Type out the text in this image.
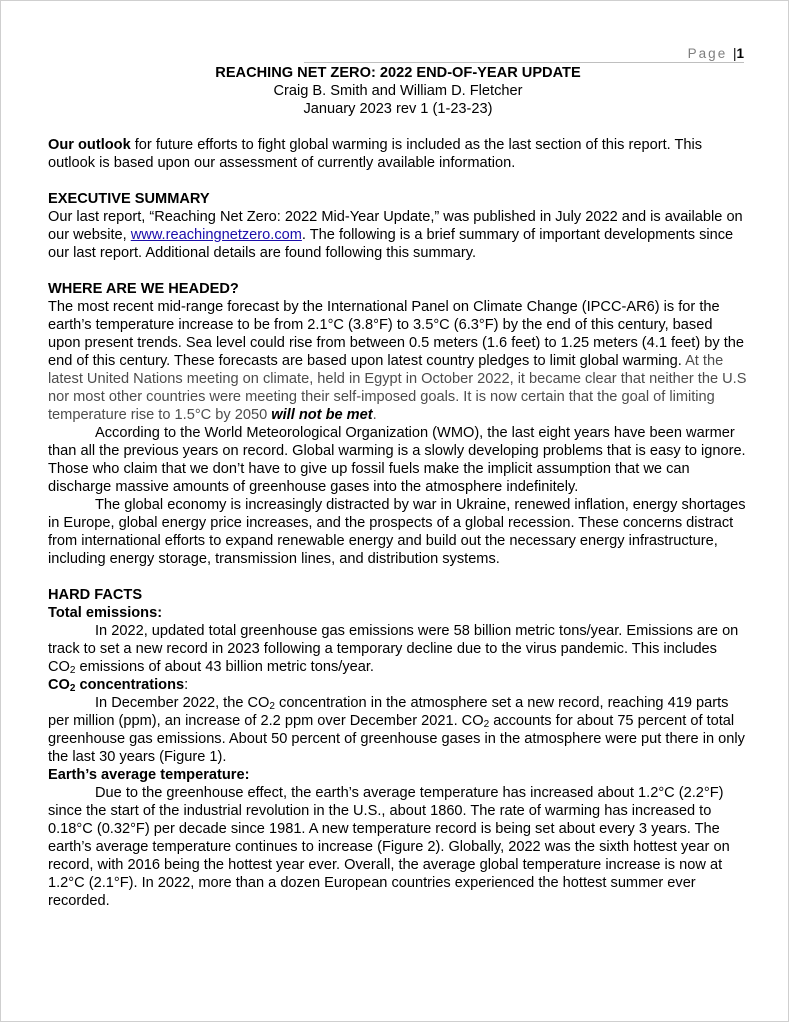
Page |1
REACHING NET ZERO: 2022 END-OF-YEAR UPDATE
Craig B. Smith and William D. Fletcher
January 2023 rev 1 (1-23-23)

Our outlook for future efforts to fight global warming is included as the last section of this report. This outlook is based upon our assessment of currently available information.

EXECUTIVE SUMMARY

Our last report, “Reaching Net Zero: 2022 Mid-Year Update,” was published in July 2022 and is available on our website, www.reachingnetzero.com. The following is a brief summary of important developments since our last report. Additional details are found following this summary.

WHERE ARE WE HEADED?

The most recent mid-range forecast by the International Panel on Climate Change (IPCC-AR6) is for the earth’s temperature increase to be from 2.1°C (3.8°F) to 3.5°C (6.3°F) by the end of this century, based upon present trends. Sea level could rise from between 0.5 meters (1.6 feet) to 1.25 meters (4.1 feet) by the end of this century. These forecasts are based upon latest country pledges to limit global warming. At the latest United Nations meeting on climate, held in Egypt in October 2022, it became clear that neither the U.S nor most other countries were meeting their self-imposed goals. It is now certain that the goal of limiting temperature rise to 1.5°C by 2050 will not be met.

According to the World Meteorological Organization (WMO), the last eight years have been warmer than all the previous years on record. Global warming is a slowly developing problems that is easy to ignore. Those who claim that we don’t have to give up fossil fuels make the implicit assumption that we can discharge massive amounts of greenhouse gases into the atmosphere indefinitely.

The global economy is increasingly distracted by war in Ukraine, renewed inflation, energy shortages in Europe, global energy price increases, and the prospects of a global recession. These concerns distract from international efforts to expand renewable energy and build out the necessary energy infrastructure, including energy storage, transmission lines, and distribution systems.

HARD FACTS
Total emissions:

In 2022, updated total greenhouse gas emissions were 58 billion metric tons/year. Emissions are on track to set a new record in 2023 following a temporary decline due to the virus pandemic. This includes $CO_2$ emissions of about 43 billion metric tons/year.

$CO_2$ concentrations:

In December 2022, the $CO_2$ concentration in the atmosphere set a new record, reaching 419 parts per million (ppm), an increase of 2.2 ppm over December 2021. $CO_2$ accounts for about 75 percent of total greenhouse gas emissions. About 50 percent of greenhouse gases in the atmosphere were put there in only the last 30 years (Figure 1).

Earth’s average temperature:

Due to the greenhouse effect, the earth’s average temperature has increased about 1.2°C (2.2°F) since the start of the industrial revolution in the U.S., about 1860. The rate of warming has increased to 0.18°C (0.32°F) per decade since 1981. A new temperature record is being set about every 3 years. The earth’s average temperature continues to increase (Figure 2). Globally, 2022 was the sixth hottest year on record, with 2016 being the hottest year ever. Overall, the average global temperature increase is now at 1.2°C (2.1°F). In 2022, more than a dozen European countries experienced the hottest summer ever recorded.
